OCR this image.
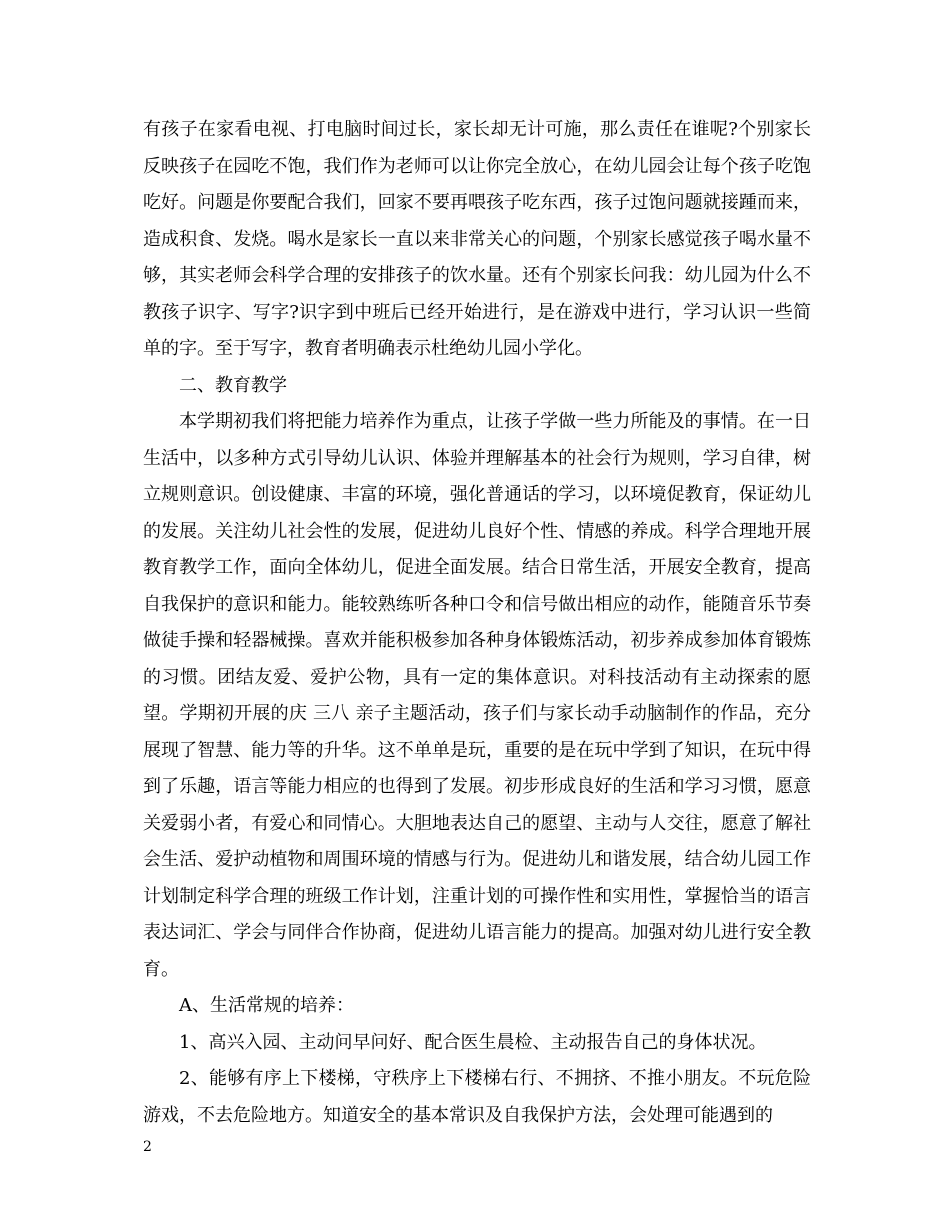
有孩子在家看电视、打电脑时间过长，家长却无计可施，那么责任在谁呢?个别家长反映孩子在园吃不饱，我们作为老师可以让你完全放心，在幼儿园会让每个孩子吃饱吃好。问题是你要配合我们，回家不要再喂孩子吃东西，孩子过饱问题就接踵而来，造成积食、发烧。喝水是家长一直以来非常关心的问题，个别家长感觉孩子喝水量不够，其实老师会科学合理的安排孩子的饮水量。还有个别家长问我：幼儿园为什么不教孩子识字、写字?识字到中班后已经开始进行，是在游戏中进行，学习认识一些简单的字。至于写字，教育者明确表示杜绝幼儿园小学化。

二、教育教学

本学期初我们将把能力培养作为重点，让孩子学做一些力所能及的事情。在一日生活中，以多种方式引导幼儿认识、体验并理解基本的社会行为规则，学习自律，树立规则意识。创设健康、丰富的环境，强化普通话的学习，以环境促教育，保证幼儿的发展。关注幼儿社会性的发展，促进幼儿良好个性、情感的养成。科学合理地开展教育教学工作，面向全体幼儿，促进全面发展。结合日常生活，开展安全教育，提高自我保护的意识和能力。能较熟练听各种口令和信号做出相应的动作，能随音乐节奏做徒手操和轻器械操。喜欢并能积极参加各种身体锻炼活动，初步养成参加体育锻炼的习惯。团结友爱、爱护公物，具有一定的集体意识。对科技活动有主动探索的愿望。学期初开展的庆 三八 亲子主题活动，孩子们与家长动手动脑制作的作品，充分展现了智慧、能力等的升华。这不单单是玩，重要的是在玩中学到了知识，在玩中得到了乐趣，语言等能力相应的也得到了发展。初步形成良好的生活和学习习惯，愿意关爱弱小者，有爱心和同情心。大胆地表达自己的愿望、主动与人交往，愿意了解社会生活、爱护动植物和周围环境的情感与行为。促进幼儿和谐发展，结合幼儿园工作计划制定科学合理的班级工作计划，注重计划的可操作性和实用性，掌握恰当的语言表达词汇、学会与同伴合作协商，促进幼儿语言能力的提高。加强对幼儿进行安全教育。

A、生活常规的培养：

1、高兴入园、主动问早问好、配合医生晨检、主动报告自己的身体状况。

2、能够有序上下楼梯，守秩序上下楼梯右行、不拥挤、不推小朋友。不玩危险游戏，不去危险地方。知道安全的基本常识及自我保护方法，会处理可能遇到的

2
